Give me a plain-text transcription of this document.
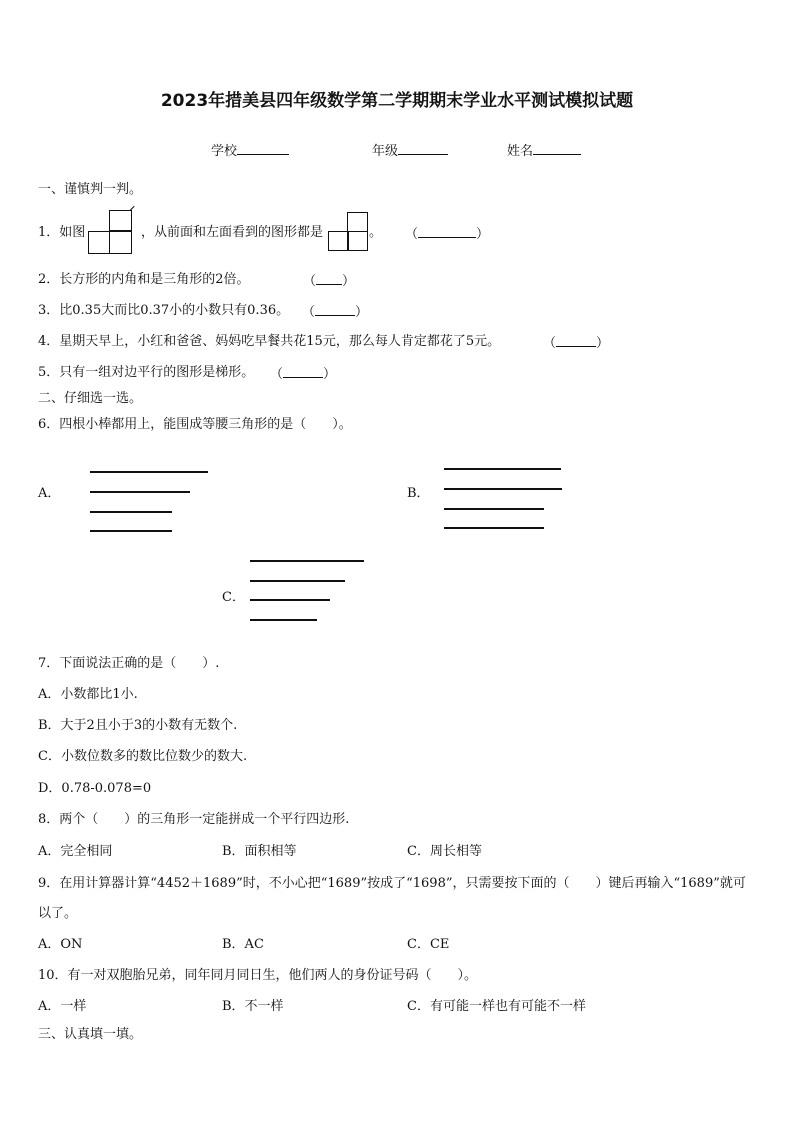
2023年措美县四年级数学第二学期期末学业水平测试模拟试题
学校	年级	姓名
一、谨慎判一判。
1．如图	，从前面和左面看到的图形都是	。 （	）
2．长方形的内角和是三角形的2倍。	（ ）
3．比0.35大而比0.37小的小数只有0.36。 （	）
4．星期天早上，小红和爸爸、妈妈吃早餐共花15元，那么每人肯定都花了5元。	（	）
5．只有一组对边平行的图形是梯形。 （	）
二、仔细选一选。
6．四根小棒都用上，能围成等腰三角形的是（　　）。
A．	B．
C．
7．下面说法正确的是（　　）.
A．小数都比1小.
B．大于2且小于3的小数有无数个.
C．小数位数多的数比位数少的数大.
D．0.78-0.078=0
8．两个（　　）的三角形一定能拼成一个平行四边形.
A．完全相同	B．面积相等	C．周长相等
9．在用计算器计算“4452＋1689”时，不小心把“1689”按成了“1698”，只需要按下面的（　　）键后再输入“1689”就可
以了。
A．ON	B．AC	C．CE
10．有一对双胞胎兄弟，同年同月同日生，他们两人的身份证号码（　　）。
A．一样	B．不一样	C．有可能一样也有可能不一样
三、认真填一填。
